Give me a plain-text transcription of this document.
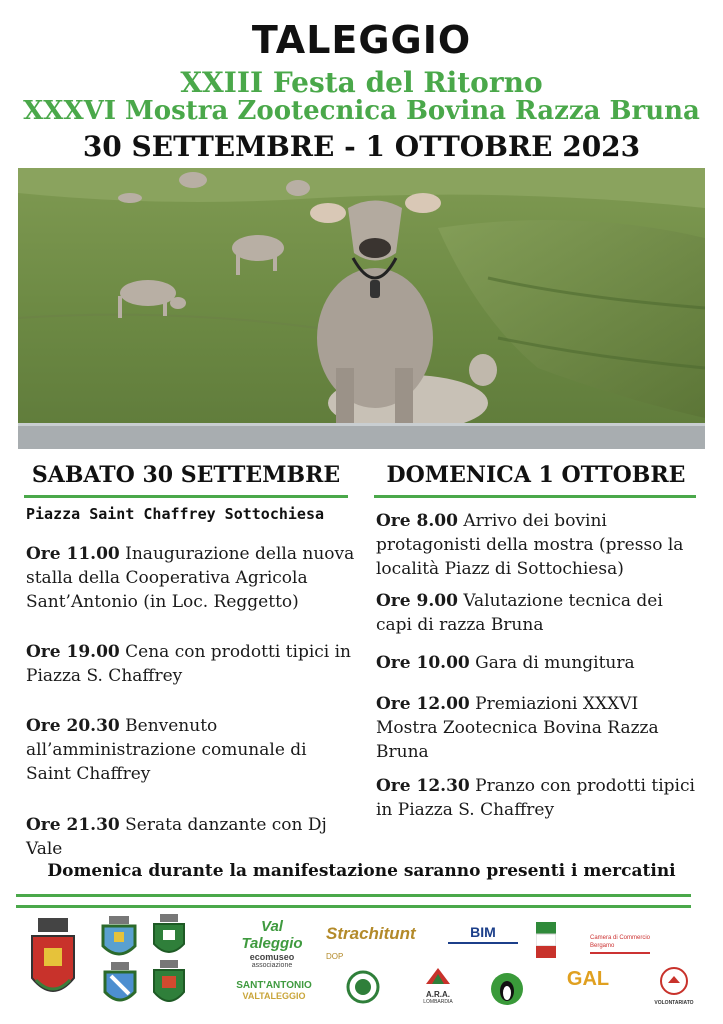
TALEGGIO
XXIII Festa del Ritorno
XXXVI Mostra Zootecnica Bovina Razza Bruna
30 SETTEMBRE - 1 OTTOBRE 2023
SABATO 30 SETTEMBRE
Piazza Saint Chaffrey Sottochiesa
Ore 11.00 Inaugurazione della nuova stalla della Cooperativa Agricola Sant’Antonio (in Loc. Reggetto)
Ore 19.00 Cena con prodotti tipici in Piazza S. Chaffrey
Ore 20.30 Benvenuto all’amministrazione comunale di Saint Chaffrey
Ore 21.30 Serata danzante con Dj Vale
DOMENICA 1 OTTOBRE
Ore 8.00 Arrivo dei bovini protagonisti della mostra (presso la località Piazz di Sottochiesa)
Ore 9.00 Valutazione tecnica dei capi di razza Bruna
Ore 10.00 Gara di mungitura
Ore 12.00 Premiazioni XXXVI Mostra Zootecnica Bovina Razza Bruna
Ore 12.30 Pranzo con prodotti tipici in Piazza S. Chaffrey
Domenica durante la manifestazione saranno presenti i mercatini
Val Taleggio
ecomuseo
associazione
Strachitunt DOP
BIM	Camera di Commercio Bergamo
SANT'ANTONIO
VALTALEGGIO	A.R.A.
LOMBARDIA
GAL
VOLONTARIATO
